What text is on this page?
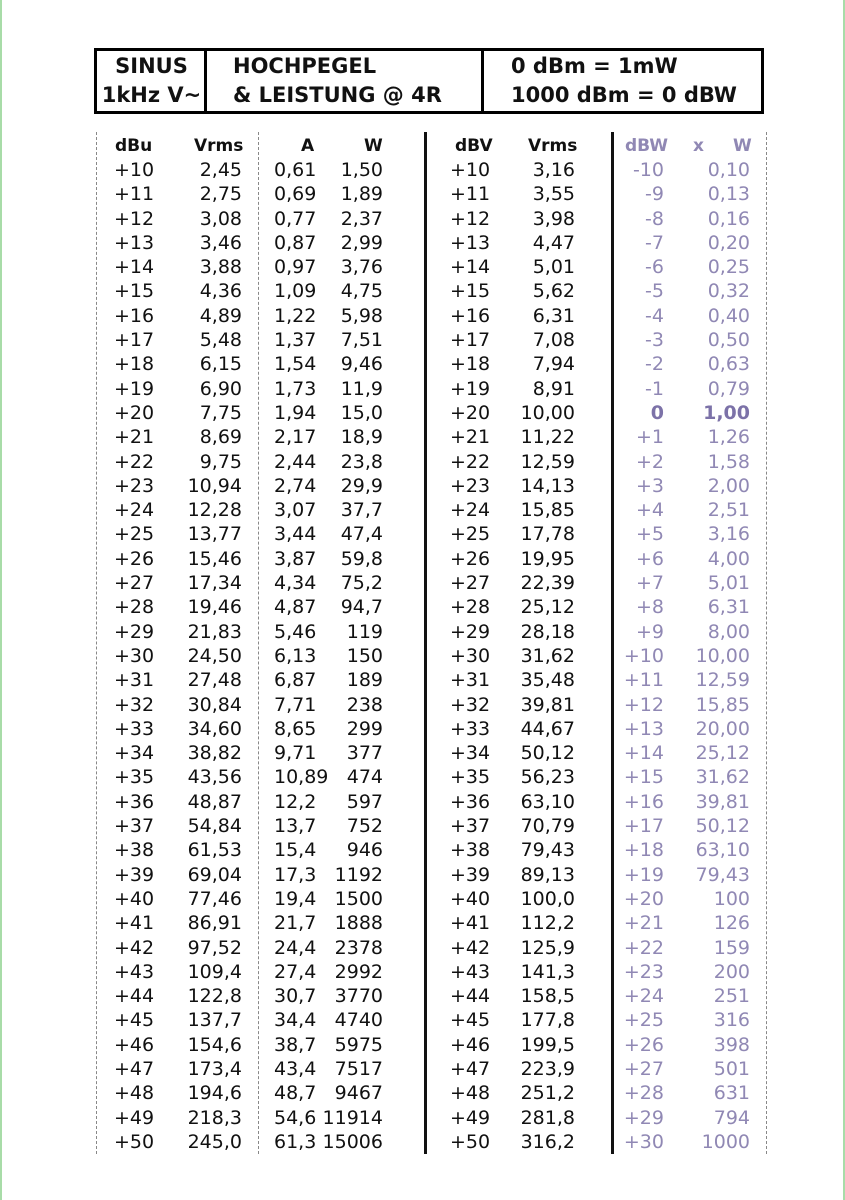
SINUS
1kHz V~
HOCHPEGEL
& LEISTUNG @ 4R
0 dBm = 1mW
1000 dBm = 0 dBW
dBu Vrms	A	W	dBV Vrms	dBW x W
+10 2,45 0,61 1,50	+10 3,16	-10 0,10
+11 2,75 0,69 1,89	+11 3,55	-9 0,13
+12 3,08 0,77 2,37	+12 3,98	-8 0,16
+13 3,46 0,87 2,99	+13 4,47	-7 0,20
+14 3,88 0,97 3,76	+14 5,01	-6 0,25
+15 4,36 1,09 4,75	+15 5,62	-5 0,32
+16 4,89 1,22 5,98	+16 6,31	-4 0,40
+17 5,48 1,37 7,51	+17 7,08	-3 0,50
+18 6,15 1,54 9,46	+18 7,94	-2 0,63
+19 6,90 1,73 11,9	+19 8,91	-1 0,79
+20 7,75 1,94 15,0	+20 10,00	0 1,00
+21 8,69 2,17 18,9	+21 11,22	+1 1,26
+22 9,75 2,44 23,8	+22 12,59	+2 1,58
+23 10,94 2,74 29,9	+23 14,13	+3 2,00
+24 12,28 3,07 37,7	+24 15,85	+4 2,51
+25 13,77 3,44 47,4	+25 17,78	+5 3,16
+26 15,46 3,87 59,8	+26 19,95	+6 4,00
+27 17,34 4,34 75,2	+27 22,39	+7 5,01
+28 19,46 4,87 94,7	+28 25,12	+8 6,31
+29 21,83 5,46 119	+29 28,18	+9 8,00
+30 24,50 6,13 150	+30 31,62	+10 10,00
+31 27,48 6,87 189	+31 35,48	+11 12,59
+32 30,84 7,71 238	+32 39,81	+12 15,85
+33 34,60 8,65 299	+33 44,67	+13 20,00
+34 38,82 9,71 377	+34 50,12	+14 25,12
+35 43,56 10,89 474	+35 56,23	+15 31,62
+36 48,87 12,2 597	+36 63,10	+16 39,81
+37 54,84 13,7 752	+37 70,79	+17 50,12
+38 61,53 15,4 946	+38 79,43	+18 63,10
+39 69,04 17,3 1192	+39 89,13	+19 79,43
+40 77,46 19,4 1500	+40 100,0	+20	100
+41 86,91 21,7 1888	+41 112,2	+21	126
+42 97,52 24,4 2378	+42 125,9	+22	159
+43 109,4 27,4 2992	+43 141,3	+23	200
+44 122,8 30,7 3770	+44 158,5	+24	251
+45 137,7 34,4 4740	+45 177,8	+25	316
+46 154,6 38,7 5975	+46 199,5	+26	398
+47 173,4 43,4 7517	+47 223,9	+27	501
+48 194,6 48,7 9467	+48 251,2	+28	631
+49 218,3 54,6 11914	+49 281,8	+29	794
+50 245,0 61,3 15006	+50 316,2	+30 1000
